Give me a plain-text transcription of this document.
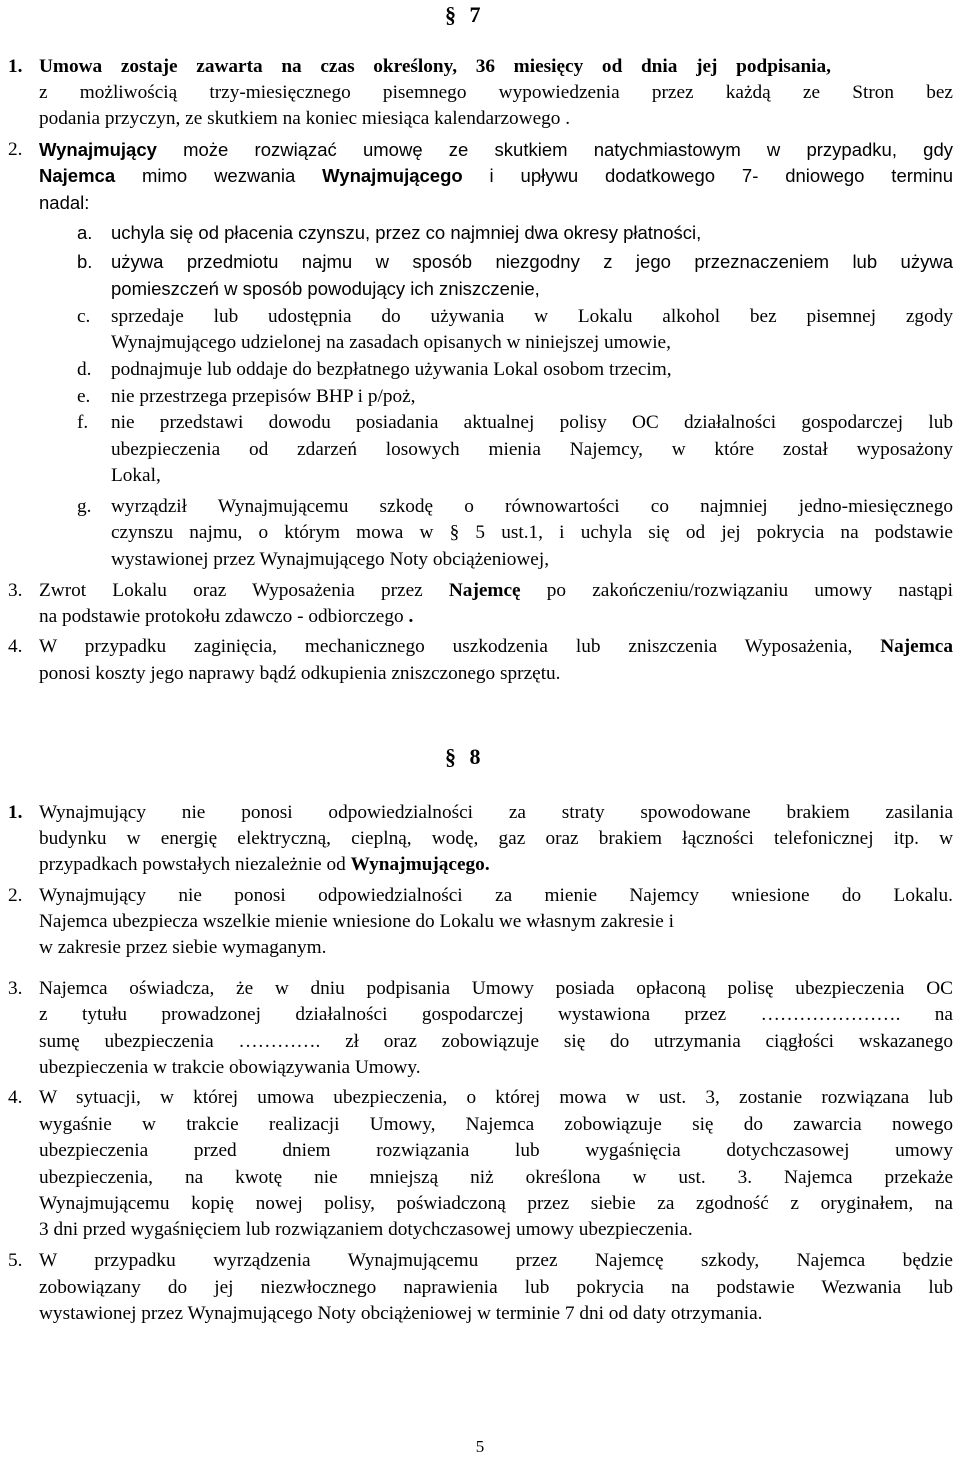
§ 7
1. Umowa zostaje zawarta na czas określony, 36 miesięcy od dnia jej podpisania,
z możliwością trzy-miesięcznego pisemnego wypowiedzenia przez każdą ze Stron bez
podania przyczyn, ze skutkiem na koniec miesiąca kalendarzowego .
2. Wynajmujący może rozwiązać umowę ze skutkiem natychmiastowym w przypadku, gdy
Najemca mimo wezwania Wynajmującego i upływu dodatkowego 7- dniowego terminu
nadal:
a. uchyla się od płacenia czynszu, przez co najmniej dwa okresy płatności,
b. używa przedmiotu najmu w sposób niezgodny z jego przeznaczeniem lub używa
pomieszczeń w sposób powodujący ich zniszczenie,
c. sprzedaje lub udostępnia do używania w Lokalu alkohol bez pisemnej zgody
Wynajmującego udzielonej na zasadach opisanych w niniejszej umowie,
d. podnajmuje lub oddaje do bezpłatnego używania Lokal osobom trzecim,
e. nie przestrzega przepisów BHP i p/poż,
f. nie przedstawi dowodu posiadania aktualnej polisy OC działalności gospodarczej lub
ubezpieczenia od zdarzeń losowych mienia Najemcy, w które został wyposażony
Lokal,
g. wyrządził Wynajmującemu szkodę o równowartości co najmniej jedno-miesięcznego
czynszu najmu, o którym mowa w § 5 ust.1, i uchyla się od jej pokrycia na podstawie
wystawionej przez Wynajmującego Noty obciążeniowej,
3. Zwrot Lokalu oraz Wyposażenia przez Najemcę po zakończeniu/rozwiązaniu umowy nastąpi
na podstawie protokołu zdawczo - odbiorczego .
4. W przypadku zaginięcia, mechanicznego uszkodzenia lub zniszczenia Wyposażenia, Najemca
ponosi koszty jego naprawy bądź odkupienia zniszczonego sprzętu.
§ 8
1. Wynajmujący nie ponosi odpowiedzialności za straty spowodowane brakiem zasilania
budynku w energię elektryczną, cieplną, wodę, gaz oraz brakiem łączności telefonicznej itp. w
przypadkach powstałych niezależnie od Wynajmującego.
2. Wynajmujący nie ponosi odpowiedzialności za mienie Najemcy wniesione do Lokalu.
Najemca ubezpiecza wszelkie mienie wniesione do Lokalu we własnym zakresie i
w zakresie przez siebie wymaganym.
3. Najemca oświadcza, że w dniu podpisania Umowy posiada opłaconą polisę ubezpieczenia OC
z tytułu prowadzonej działalności gospodarczej wystawiona przez …………………. na
sumę ubezpieczenia …………. zł oraz zobowiązuje się do utrzymania ciągłości wskazanego
ubezpieczenia w trakcie obowiązywania Umowy.
4. W sytuacji, w której umowa ubezpieczenia, o której mowa w ust. 3, zostanie rozwiązana lub
wygaśnie w trakcie realizacji Umowy, Najemca zobowiązuje się do zawarcia nowego
ubezpieczenia przed dniem rozwiązania lub wygaśnięcia dotychczasowej umowy
ubezpieczenia, na kwotę nie mniejszą niż określona w ust. 3. Najemca przekaże
Wynajmującemu kopię nowej polisy, poświadczoną przez siebie za zgodność z oryginałem, na
3 dni przed wygaśnięciem lub rozwiązaniem dotychczasowej umowy ubezpieczenia.
5. W przypadku wyrządzenia Wynajmującemu przez Najemcę szkody, Najemca będzie
zobowiązany do jej niezwłocznego naprawienia lub pokrycia na podstawie Wezwania lub
wystawionej przez Wynajmującego Noty obciążeniowej w terminie 7 dni od daty otrzymania.
5
